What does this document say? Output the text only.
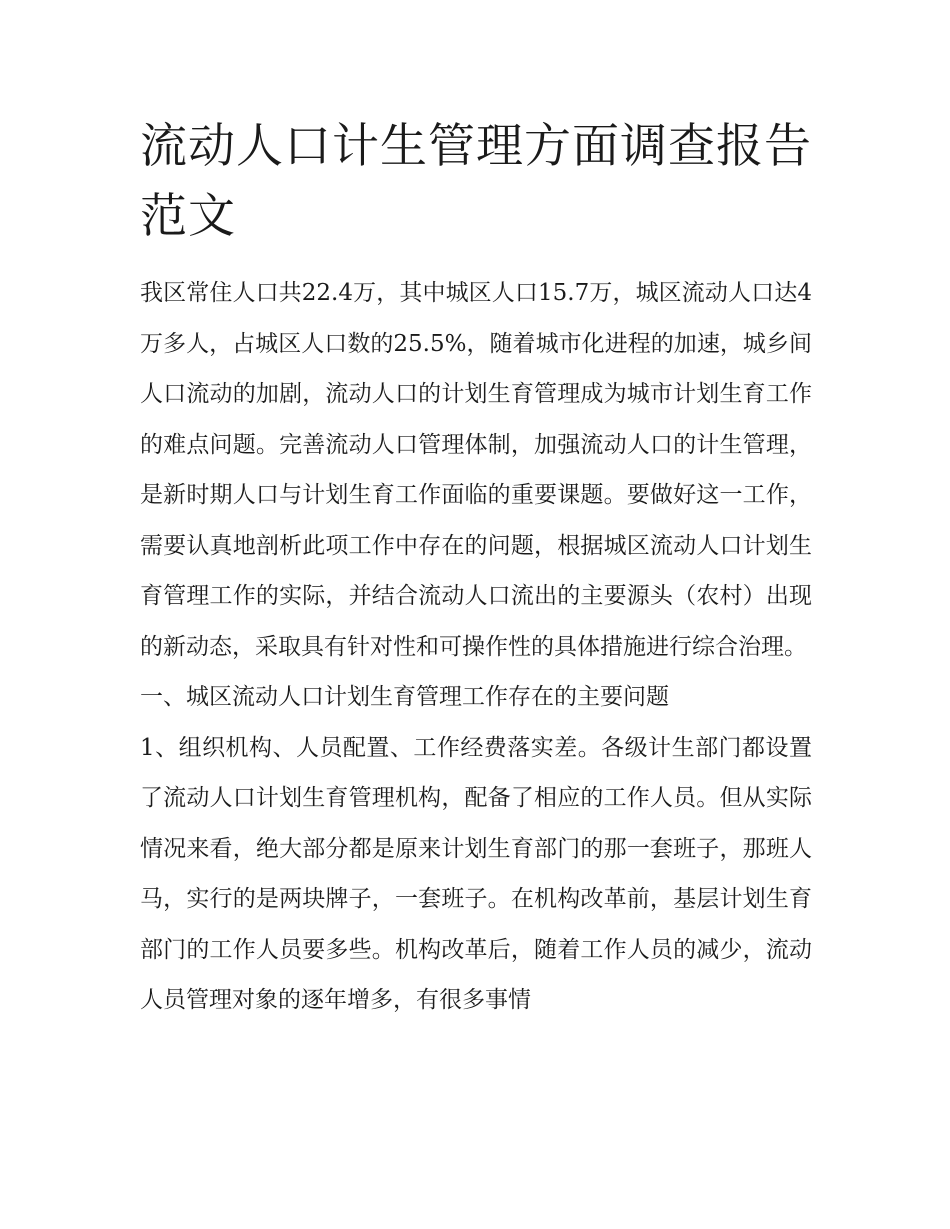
流动人口计生管理方面调查报告范文

我区常住人口共22.4万，其中城区人口15.7万，城区流动人口达4万多人，占城区人口数的25.5%，随着城市化进程的加速，城乡间人口流动的加剧，流动人口的计划生育管理成为城市计划生育工作的难点问题。完善流动人口管理体制，加强流动人口的计生管理，是新时期人口与计划生育工作面临的重要课题。要做好这一工作，需要认真地剖析此项工作中存在的问题，根据城区流动人口计划生育管理工作的实际，并结合流动人口流出的主要源头（农村）出现的新动态，采取具有针对性和可操作性的具体措施进行综合治理。

一、城区流动人口计划生育管理工作存在的主要问题

1、组织机构、人员配置、工作经费落实差。各级计生部门都设置了流动人口计划生育管理机构，配备了相应的工作人员。但从实际情况来看，绝大部分都是原来计划生育部门的那一套班子，那班人马，实行的是两块牌子，一套班子。在机构改革前，基层计划生育部门的工作人员要多些。机构改革后，随着工作人员的减少，流动人员管理对象的逐年增多，有很多事情
